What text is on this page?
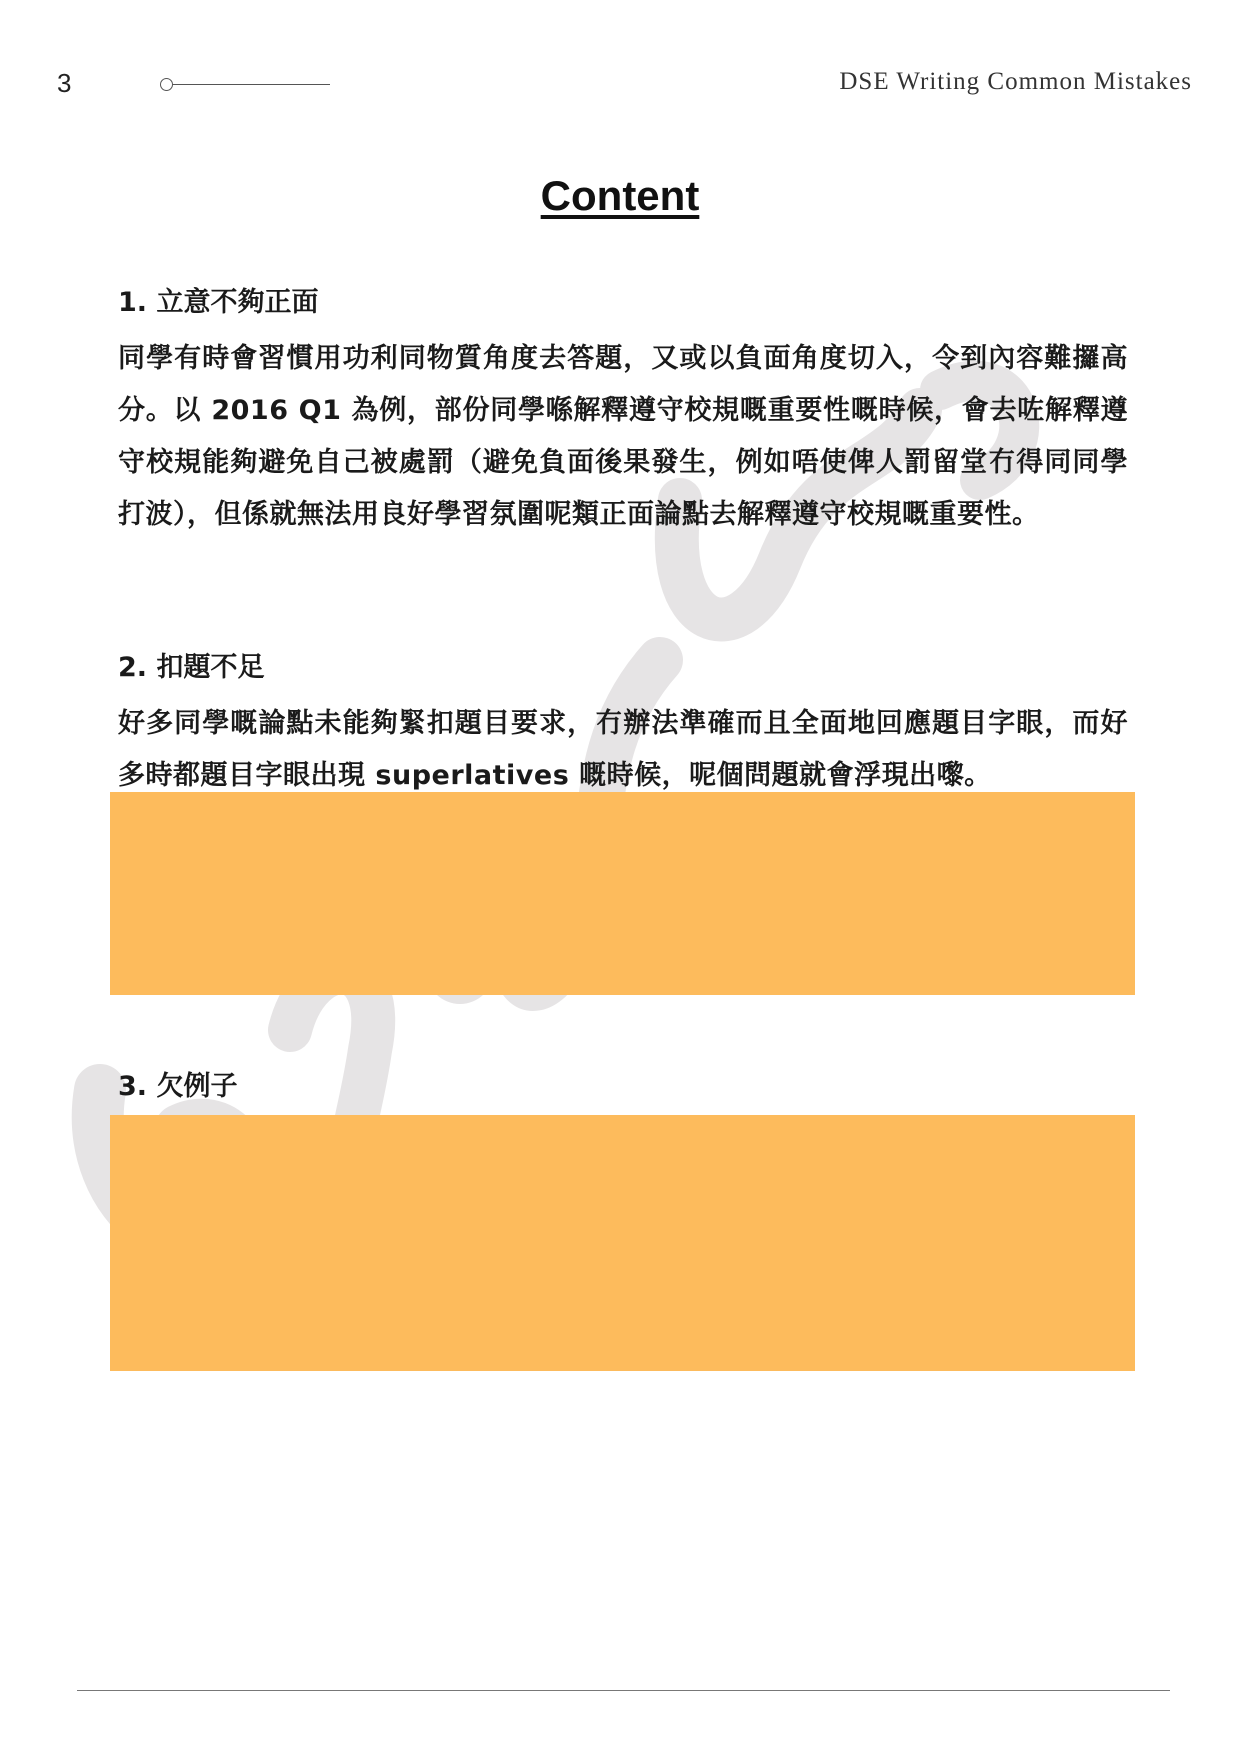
3	DSE Writing Common Mistakes
Content
1. 立意不夠正面
同學有時會習慣用功利同物質角度去答題，又或以負面角度切入，令到內容難攞高分。以 2016 Q1 為例，部份同學喺解釋遵守校規嘅重要性嘅時候，會去咗解釋遵守校規能夠避免自己被處罰（避免負面後果發生，例如唔使俾人罰留堂冇得同同學打波），但係就無法用良好學習氛圍呢類正面論點去解釋遵守校規嘅重要性。
2. 扣題不足
好多同學嘅論點未能夠緊扣題目要求，冇辦法準確而且全面地回應題目字眼，而好多時都題目字眼出現 superlatives 嘅時候，呢個問題就會浮現出嚟。
3. 欠例子
